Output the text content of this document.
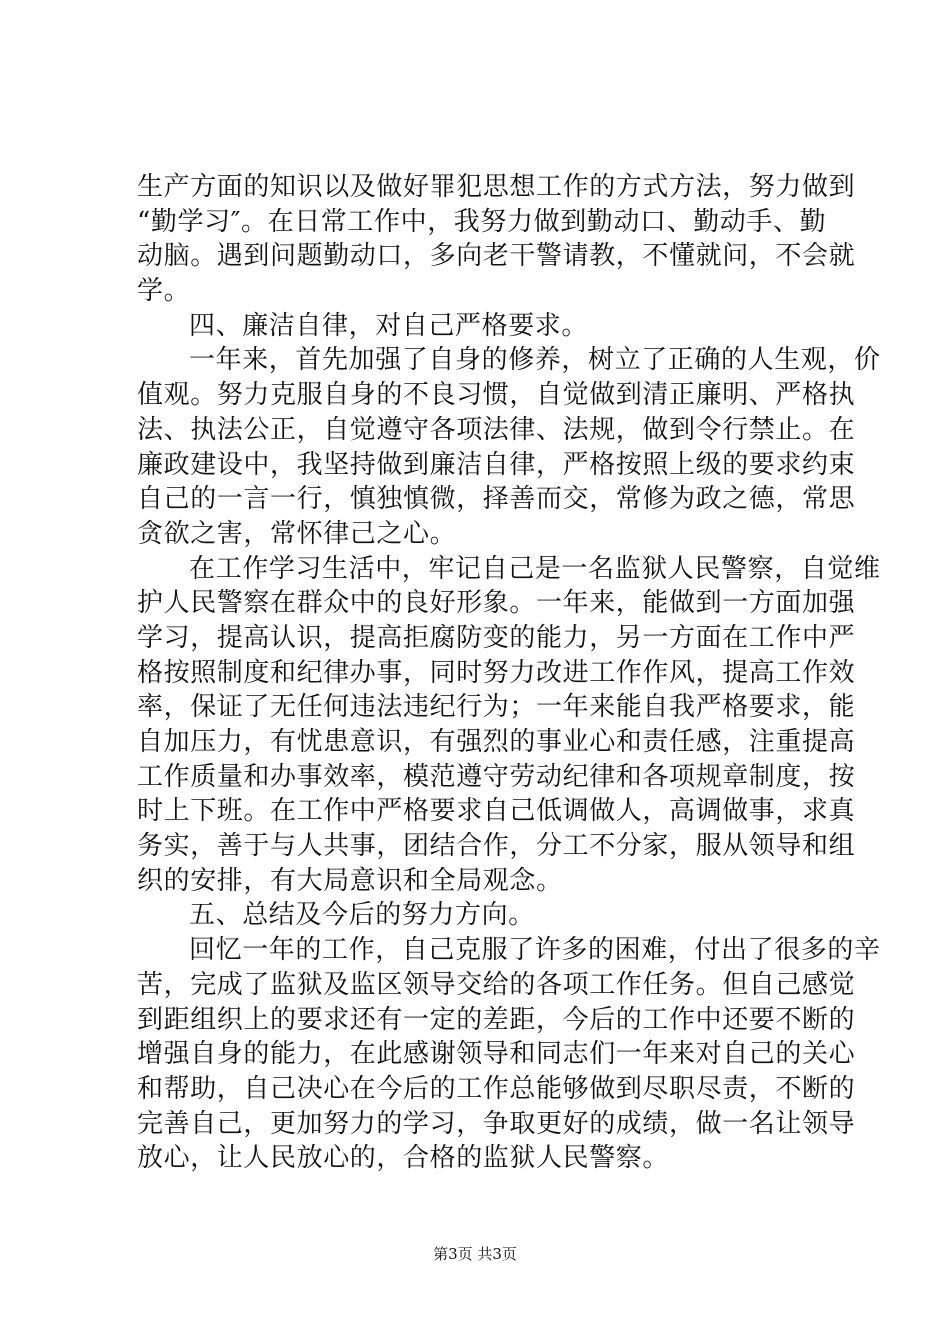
生产方面的知识以及做好罪犯思想工作的方式方法，努力做到
“勤学习″。在日常工作中，我努力做到勤动口、勤动手、勤
动脑。遇到问题勤动口，多向老干警请教，不懂就问，不会就
学。
四、廉洁自律，对自己严格要求。
一年来，首先加强了自身的修养，树立了正确的人生观，价
值观。努力克服自身的不良习惯，自觉做到清正廉明、严格执
法、执法公正，自觉遵守各项法律、法规，做到令行禁止。在
廉政建设中，我坚持做到廉洁自律，严格按照上级的要求约束
自己的一言一行，慎独慎微，择善而交，常修为政之德，常思
贪欲之害，常怀律己之心。
在工作学习生活中，牢记自己是一名监狱人民警察，自觉维
护人民警察在群众中的良好形象。一年来，能做到一方面加强
学习，提高认识，提高拒腐防变的能力，另一方面在工作中严
格按照制度和纪律办事，同时努力改进工作作风，提高工作效
率，保证了无任何违法违纪行为；一年来能自我严格要求，能
自加压力，有忧患意识，有强烈的事业心和责任感，注重提高
工作质量和办事效率，模范遵守劳动纪律和各项规章制度，按
时上下班。在工作中严格要求自己低调做人，高调做事，求真
务实，善于与人共事，团结合作，分工不分家，服从领导和组
织的安排，有大局意识和全局观念。
五、总结及今后的努力方向。
回忆一年的工作，自己克服了许多的困难，付出了很多的辛
苦，完成了监狱及监区领导交给的各项工作任务。但自己感觉
到距组织上的要求还有一定的差距，今后的工作中还要不断的
增强自身的能力，在此感谢领导和同志们一年来对自己的关心
和帮助，自己决心在今后的工作总能够做到尽职尽责，不断的
完善自己，更加努力的学习，争取更好的成绩，做一名让领导
放心，让人民放心的，合格的监狱人民警察。
第3页 共3页
